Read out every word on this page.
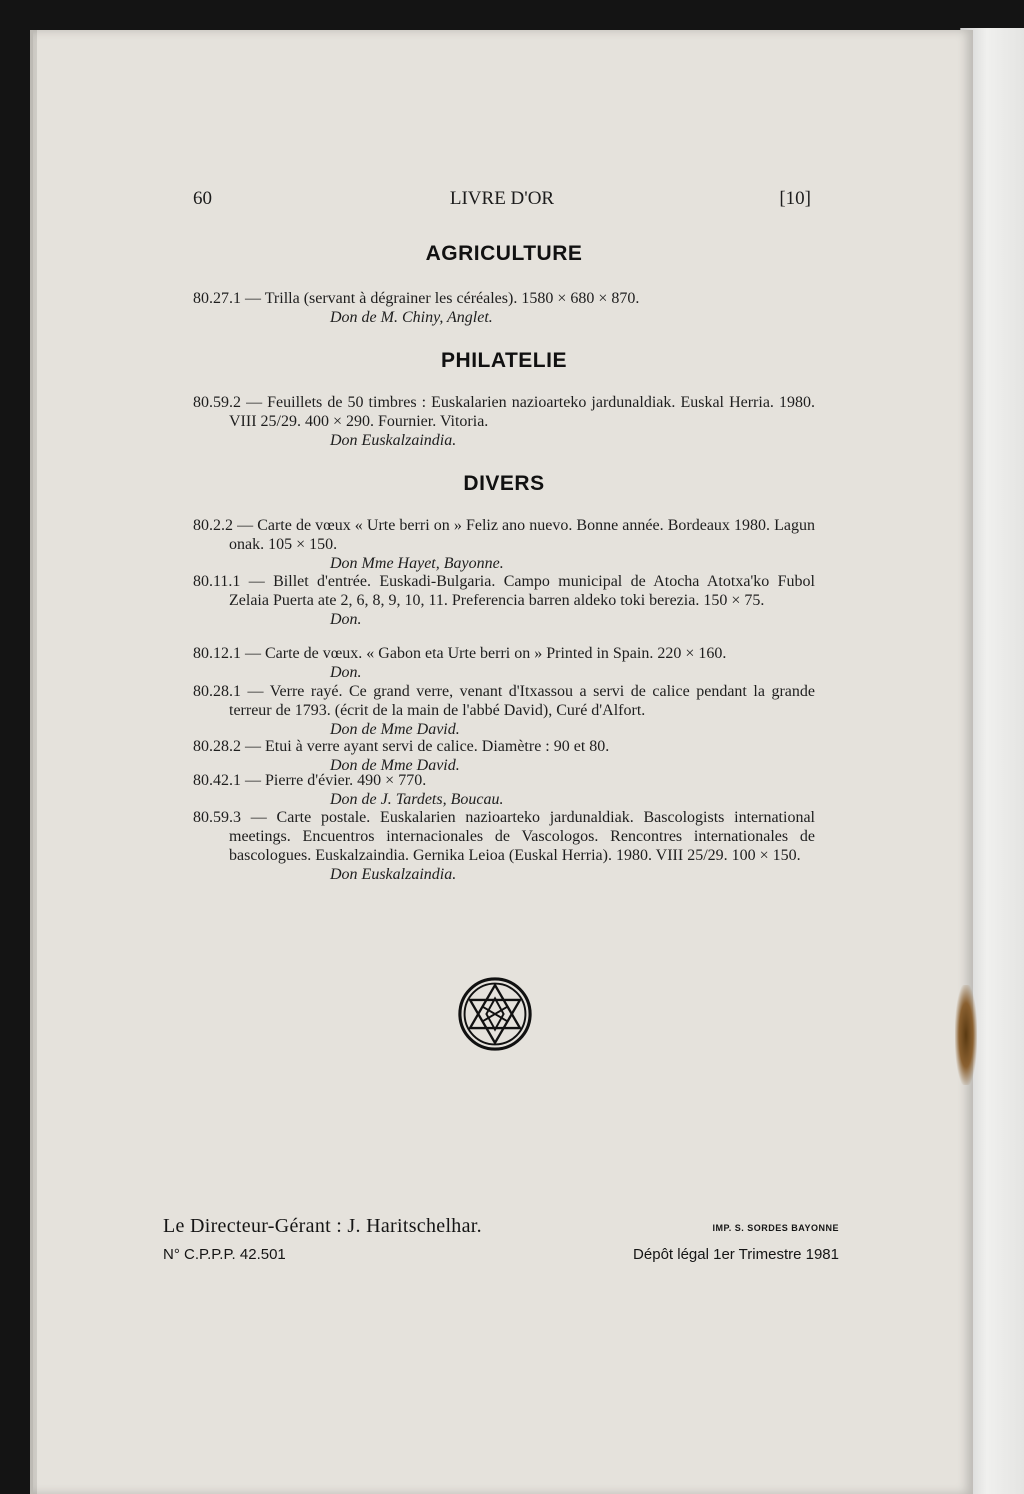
60	LIVRE D'OR	[10]
AGRICULTURE
80.27.1 — Trilla (servant à dégrainer les céréales). 1580 × 680 × 870.
Don de M. Chiny, Anglet.
PHILATELIE
80.59.2 — Feuillets de 50 timbres : Euskalarien nazioarteko jardunaldiak. Euskal Herria. 1980. VIII 25/29. 400 × 290. Fournier. Vitoria.
Don Euskalzaindia.
DIVERS
80.2.2 — Carte de vœux « Urte berri on » Feliz ano nuevo. Bonne année. Bordeaux 1980. Lagun onak. 105 × 150.
Don Mme Hayet, Bayonne.
80.11.1 — Billet d'entrée. Euskadi-Bulgaria. Campo municipal de Atocha Atotxa'ko Fubol Zelaia Puerta ate 2, 6, 8, 9, 10, 11. Preferencia barren aldeko toki berezia. 150 × 75.
Don.
80.12.1 — Carte de vœux. « Gabon eta Urte berri on » Printed in Spain. 220 × 160.
Don.
80.28.1 — Verre rayé. Ce grand verre, venant d'Itxassou a servi de calice pendant la grande terreur de 1793. (écrit de la main de l'abbé David), Curé d'Alfort.
Don de Mme David.
80.28.2 — Etui à verre ayant servi de calice. Diamètre : 90 et 80.
Don de Mme David.
80.42.1 — Pierre d'évier. 490 × 770.
Don de J. Tardets, Boucau.
80.59.3 — Carte postale. Euskalarien nazioarteko jardunaldiak. Bascologists international meetings. Encuentros internacionales de Vascologos. Rencontres internationales de bascologues. Euskalzaindia. Gernika Leioa (Euskal Herria). 1980. VIII 25/29. 100 × 150.
Don Euskalzaindia.
Le Directeur-Gérant : J. Haritschelhar.	IMP. S. SORDES BAYONNE
N° C.P.P.P. 42.501	Dépôt légal 1er Trimestre 1981
